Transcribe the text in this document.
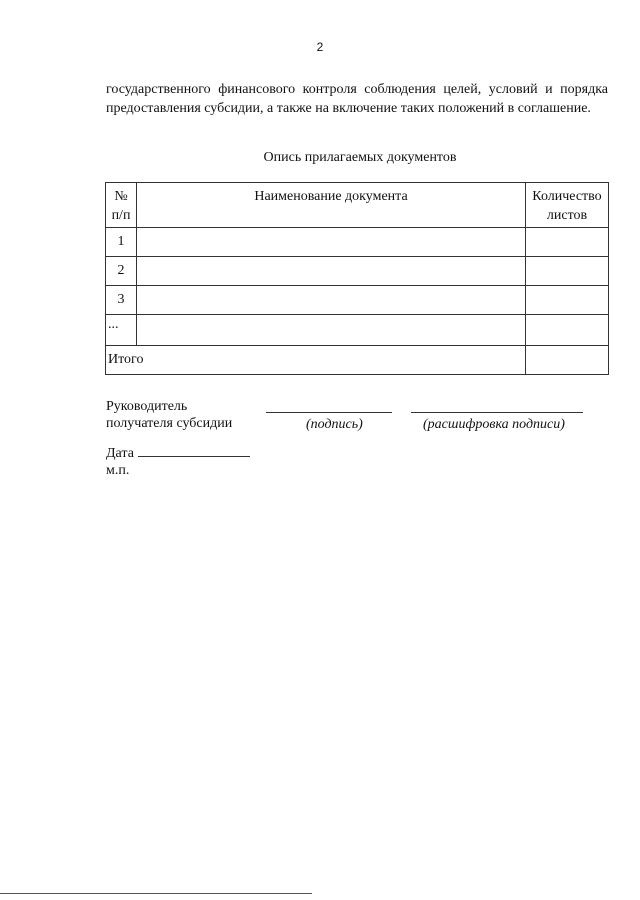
2

государственного финансового контроля соблюдения целей, условий и порядка предоставления субсидии, а также на включение таких положений в соглашение.

Опись прилагаемых документов
№ п/п	Наименование документа	Количество листов
1		
2		
3		
...		
Итого		
Руководитель получателя субсидии	(подпись)	(расшифровка подписи)
Дата
м.п.
